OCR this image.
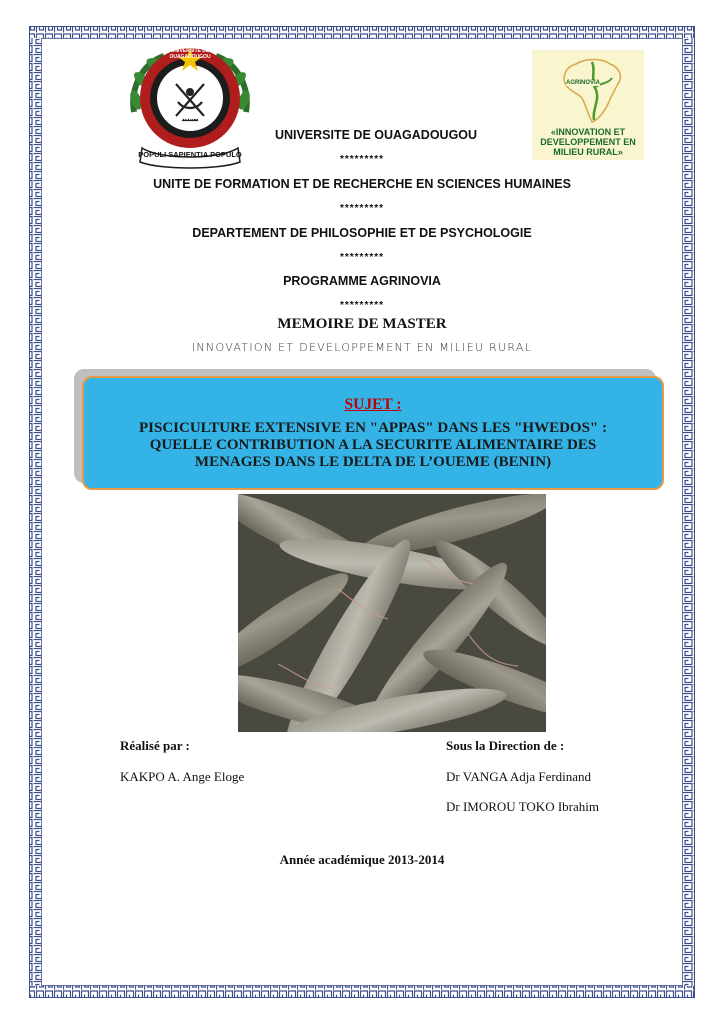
UNIVERSITE DE OUAGADOUGOU
BURKINA FASO
POPULI SAPIENTIA POPULO
AGRINOVIA
«INNOVATION ET DEVELOPPEMENT EN MILIEU RURAL»
UNIVERSITE DE OUAGADOUGOU
*********
UNITE DE FORMATION ET DE RECHERCHE EN SCIENCES HUMAINES
*********
DEPARTEMENT DE PHILOSOPHIE ET DE PSYCHOLOGIE
*********
PROGRAMME AGRINOVIA
*********
MEMOIRE DE MASTER
INNOVATION ET DEVELOPPEMENT EN MILIEU RURAL
SUJET :
PISCICULTURE EXTENSIVE EN "APPAS" DANS LES "HWEDOS" :
QUELLE CONTRIBUTION A LA SECURITE ALIMENTAIRE DES
MENAGES DANS LE DELTA DE L’OUEME (BENIN)
Réalisé par :
KAKPO A. Ange Eloge
Sous la Direction de :
Dr VANGA Adja Ferdinand
Dr IMOROU TOKO Ibrahim
Année académique 2013-2014
